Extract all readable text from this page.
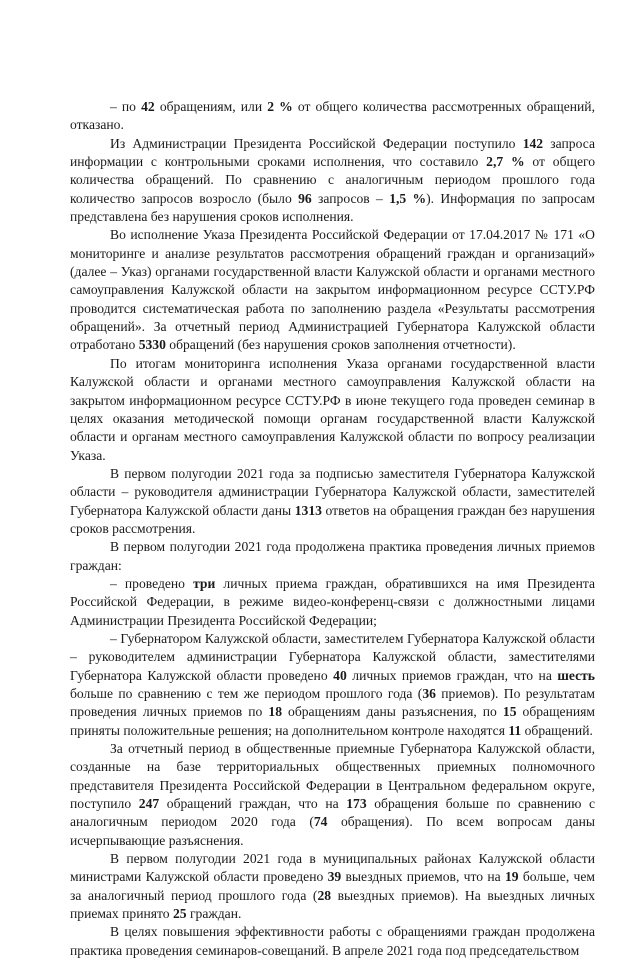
– по 42 обращениям, или 2 % от общего количества рассмотренных обращений, отказано.

Из Администрации Президента Российской Федерации поступило 142 запроса информации с контрольными сроками исполнения, что составило 2,7 % от общего количества обращений. По сравнению с аналогичным периодом прошлого года количество запросов возросло (было 96 запросов – 1,5 %). Информация по запросам представлена без нарушения сроков исполнения.

Во исполнение Указа Президента Российской Федерации от 17.04.2017 № 171 «О мониторинге и анализе результатов рассмотрения обращений граждан и организаций» (далее – Указ) органами государственной власти Калужской области и органами местного самоуправления Калужской области на закрытом информационном ресурсе ССТУ.РФ проводится систематическая работа по заполнению раздела «Результаты рассмотрения обращений». За отчетный период Администрацией Губернатора Калужской области отработано 5330 обращений (без нарушения сроков заполнения отчетности).

По итогам мониторинга исполнения Указа органами государственной власти Калужской области и органами местного самоуправления Калужской области на закрытом информационном ресурсе ССТУ.РФ в июне текущего года проведен семинар в целях оказания методической помощи органам государственной власти Калужской области и органам местного самоуправления Калужской области по вопросу реализации Указа.

В первом полугодии 2021 года за подписью заместителя Губернатора Калужской области – руководителя администрации Губернатора Калужской области, заместителей Губернатора Калужской области даны 1313 ответов на обращения граждан без нарушения сроков рассмотрения.

В первом полугодии 2021 года продолжена практика проведения личных приемов граждан:

– проведено три личных приема граждан, обратившихся на имя Президента Российской Федерации, в режиме видео-конференц-связи с должностными лицами Администрации Президента Российской Федерации;

– Губернатором Калужской области, заместителем Губернатора Калужской области – руководителем администрации Губернатора Калужской области, заместителями Губернатора Калужской области проведено 40 личных приемов граждан, что на шесть больше по сравнению с тем же периодом прошлого года (36 приемов). По результатам проведения личных приемов по 18 обращениям даны разъяснения, по 15 обращениям приняты положительные решения; на дополнительном контроле находятся 11 обращений.

За отчетный период в общественные приемные Губернатора Калужской области, созданные на базе территориальных общественных приемных полномочного представителя Президента Российской Федерации в Центральном федеральном округе, поступило 247 обращений граждан, что на 173 обращения больше по сравнению с аналогичным периодом 2020 года (74 обращения). По всем вопросам даны исчерпывающие разъяснения.

В первом полугодии 2021 года в муниципальных районах Калужской области министрами Калужской области проведено 39 выездных приемов, что на 19 больше, чем за аналогичный период прошлого года (28 выездных приемов). На выездных личных приемах принято 25 граждан.

В целях повышения эффективности работы с обращениями граждан продолжена практика проведения семинаров-совещаний. В апреле 2021 года под председательством
